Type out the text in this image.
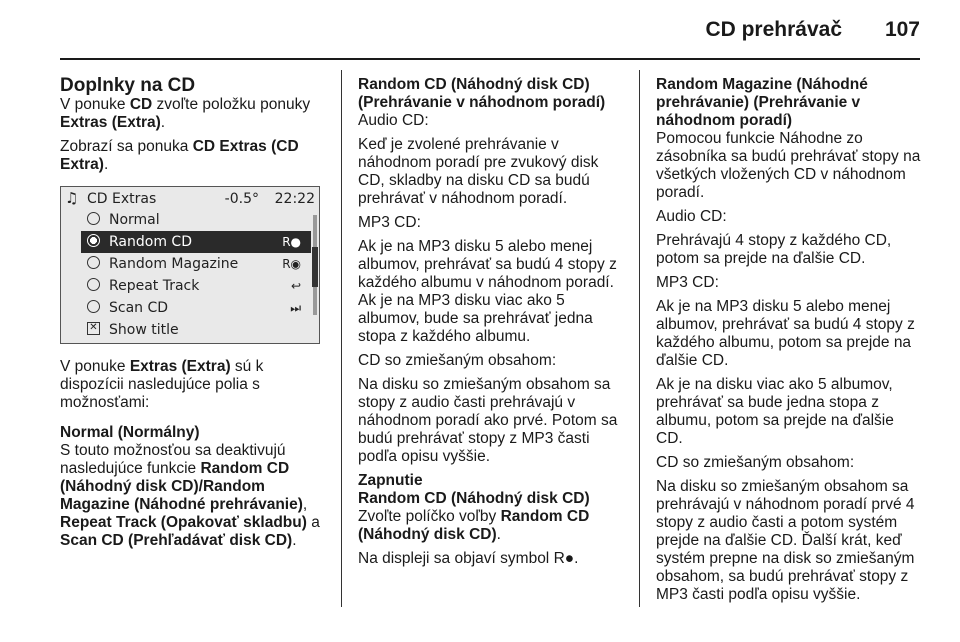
CD prehrávač 107
Doplnky na CD

V ponuke CD zvoľte položku ponuky Extras (Extra).

Zobrazí sa ponuka CD Extras (CD Extra).

♫ CD Extras	-0.5° 22:22
Normal
Random CD	R●
Random Magazine	R◉
Repeat Track	↩
Scan CD	⏭
✕ Show title

V ponuke Extras (Extra) sú k dispozícii nasledujúce polia s možnosťami:

Normal (Normálny)

S touto možnosťou sa deaktivujú nasledujúce funkcie Random CD (Náhodný disk CD)/Random Magazine (Náhodné prehrávanie), Repeat Track (Opakovať skladbu) a Scan CD (Prehľadávať disk CD).

Random CD (Náhodný disk CD) (Prehrávanie v náhodnom poradí)

Audio CD:

Keď je zvolené prehrávanie v náhodnom poradí pre zvukový disk CD, skladby na disku CD sa budú prehrávať v náhodnom poradí.

MP3 CD:

Ak je na MP3 disku 5 alebo menej albumov, prehrávať sa budú 4 stopy z každého albumu v náhodnom poradí. Ak je na MP3 disku viac ako 5 albumov, bude sa prehrávať jedna stopa z každého albumu.

CD so zmiešaným obsahom:

Na disku so zmiešaným obsahom sa stopy z audio časti prehrávajú v náhodnom poradí ako prvé. Potom sa budú prehrávať stopy z MP3 časti podľa opisu vyššie.

Zapnutie
Random CD (Náhodný disk CD)

Zvoľte políčko voľby Random CD (Náhodný disk CD).

Na displeji sa objaví symbol R●.

Random Magazine (Náhodné prehrávanie) (Prehrávanie v náhodnom poradí)

Pomocou funkcie Náhodne zo zásobníka sa budú prehrávať stopy na všetkých vložených CD v náhodnom poradí.

Audio CD:

Prehrávajú 4 stopy z každého CD, potom sa prejde na ďalšie CD.

MP3 CD:

Ak je na MP3 disku 5 alebo menej albumov, prehrávať sa budú 4 stopy z každého albumu, potom sa prejde na ďalšie CD.

Ak je na disku viac ako 5 albumov, prehrávať sa bude jedna stopa z albumu, potom sa prejde na ďalšie CD.

CD so zmiešaným obsahom:

Na disku so zmiešaným obsahom sa prehrávajú v náhodnom poradí prvé 4 stopy z audio časti a potom systém prejde na ďalšie CD. Ďalší krát, keď systém prepne na disk so zmiešaným obsahom, sa budú prehrávať stopy z MP3 časti podľa opisu vyššie.
